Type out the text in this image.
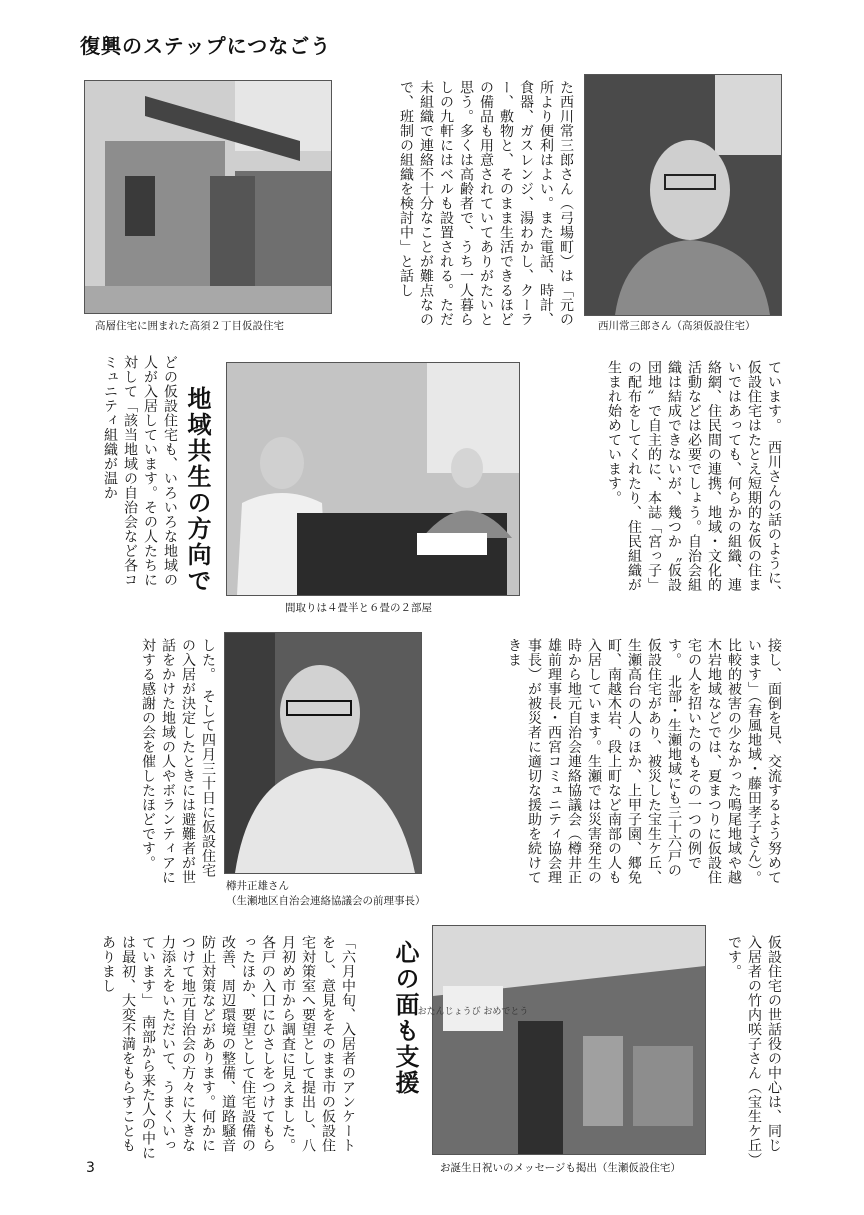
復興のステップにつなごう
高層住宅に囲まれた高須２丁目仮設住宅	た西川常三郎さん（弓場町）は「元の所より便利はよい。また電話、時計、食器、ガスレンジ、湯わかし、クーラー、敷物と、そのまま生活できるほどの備品も用意されていてありがたいと思う。多くは高齢者で、うち一人暮らしの九軒にはベルも設置される。ただ未組織で連絡不十分なことが難点なので、班制の組織を検討中」と話し
西川常三郎さん（高須仮設住宅）
地域共生の方向で
どの仮設住宅も、いろいろな地域の人が入居しています。その人たちに対して「該当地域の自治会など各コミュニティ組織が温か
間取りは４畳半と６畳の２部屋
ています。　西川さんの話のように、仮設住宅はたとえ短期的な仮の住まいではあっても、何らかの組織、連絡網、住民間の連携、地域・文化的活動などは必要でしょう。自治会組織は結成できないが、幾つか〝仮設団地〟で自主的に、本誌「宮っ子」の配布をしてくれたり、住民組織が生まれ始めています。
した。　そして四月三十日に仮設住宅の入居が決定したときには避難者が世話をかけた地域の人やボランティアに対する感謝の会を催したほどです。
樽井正雄さん
（生瀬地区自治会連絡協議会の前理事長）
接し、面倒を見、交流するよう努めています」（春風地域・藤田孝子さん）。比較的被害の少なかった鳴尾地域や越木岩地域などでは、夏まつりに仮設住宅の人を招いたのもその一つの例です。　北部・生瀬地域にも三十六戸の仮設住宅があり、被災した宝生ケ丘、生瀬高台の人のほか、上甲子園、郷免町、南越木岩、段上町など南部の人も入居しています。生瀬では災害発生の時から地元自治会連絡協議会（樽井正雄前理事長・西宮コミュニティ協会理事長）が被災者に適切な援助を続けてきま
「六月中旬、入居者のアンケートをし、意見をそのまま市の仮設住宅対策室へ要望として提出し、八月初め市から調査に見えました。各戸の入口にひさしをつけてもらったほか、要望として住宅設備の改善、周辺環境の整備、道路騒音防止対策などがあります。何かにつけて地元自治会の方々に大きな力添えをいただいて、うまくいっています」　南部から来た人の中には最初、大変不満をもらすこともありまし	心の面も支援
おたんじょうび おめでとう
お誕生日祝いのメッセージも掲出（生瀬仮設住宅）
仮設住宅の世話役の中心は、同じ入居者の竹内咲子さん（宝生ケ丘）です。
3
